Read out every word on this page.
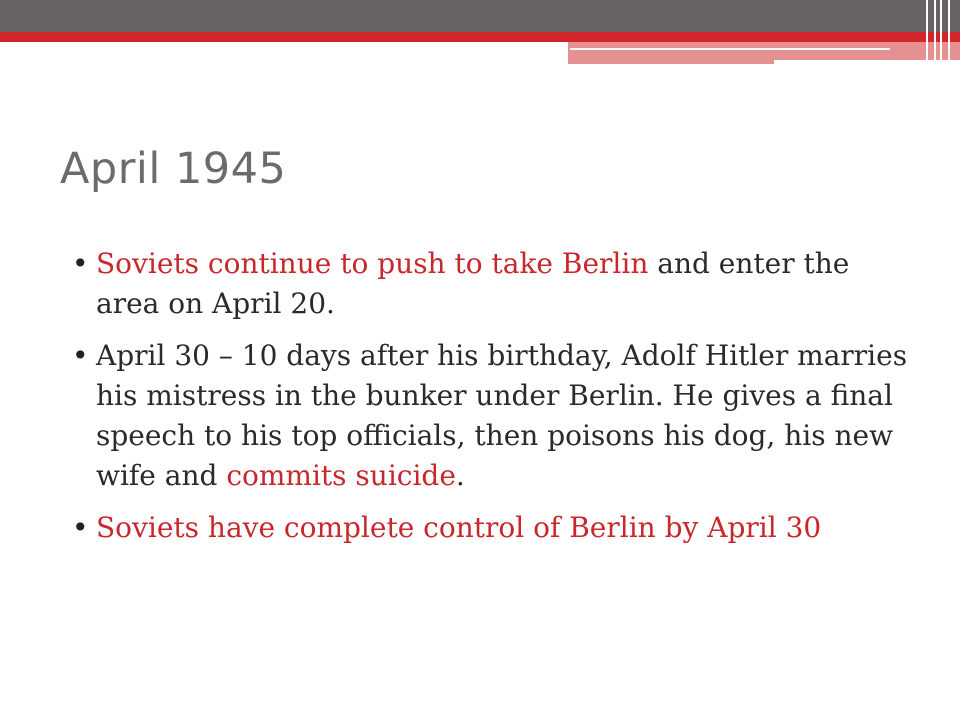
April 1945
• Soviets continue to push to take Berlin and enter the area on April 20.
• April 30 – 10 days after his birthday, Adolf Hitler marries his mistress in the bunker under Berlin. He gives a final speech to his top officials, then poisons his dog, his new wife and commits suicide.
• Soviets have complete control of Berlin by April 30
